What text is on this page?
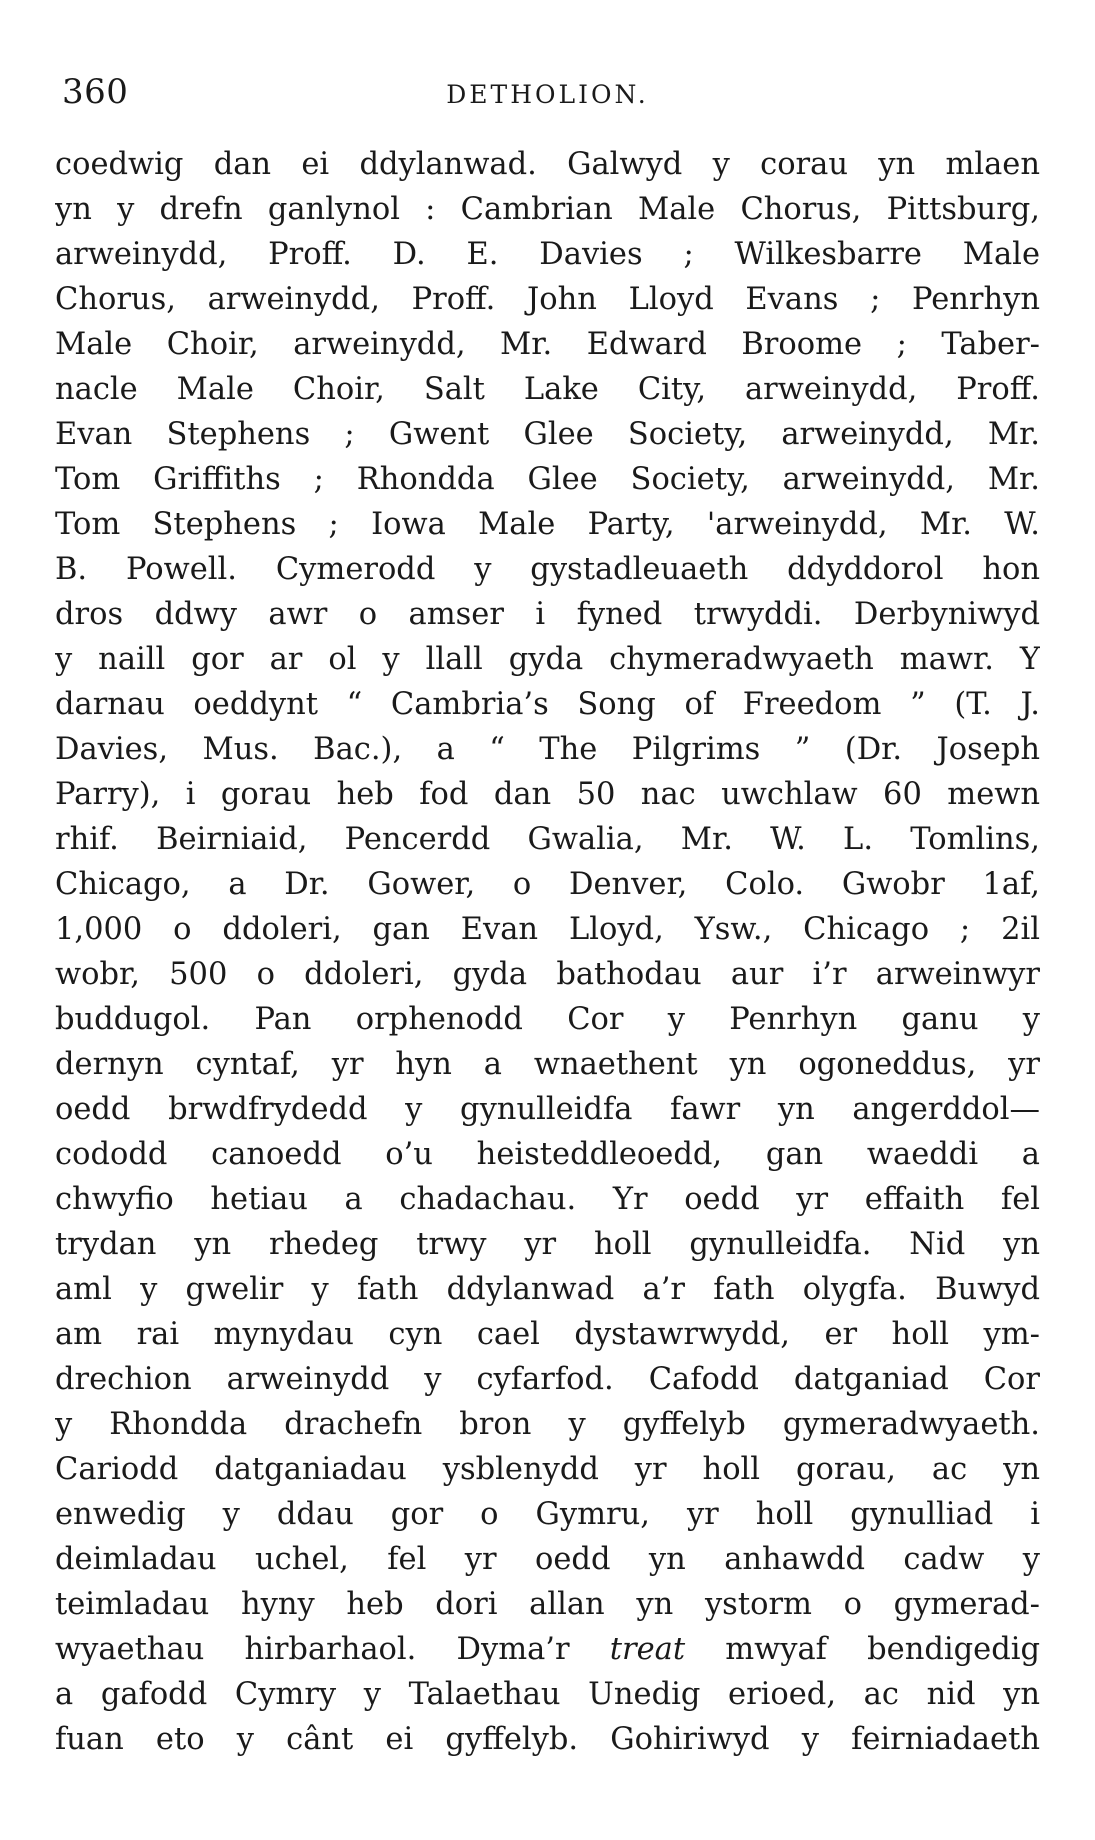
360	DETHOLION.
coedwig dan ei ddylanwad. Galwyd y corau yn mlaen
yn y drefn ganlynol : Cambrian Male Chorus, Pittsburg,
arweinydd, Proff. D. E. Davies ; Wilkesbarre Male
Chorus, arweinydd, Proff. John Lloyd Evans ; Penrhyn
Male Choir, arweinydd, Mr. Edward Broome ; Taber-
nacle Male Choir, Salt Lake City, arweinydd, Proff.
Evan Stephens ; Gwent Glee Society, arweinydd, Mr.
Tom Griffiths ; Rhondda Glee Society, arweinydd, Mr.
Tom Stephens ; Iowa Male Party, 'arweinydd, Mr. W.
B. Powell. Cymerodd y gystadleuaeth ddyddorol hon
dros ddwy awr o amser i fyned trwyddi. Derbyniwyd
y naill gor ar ol y llall gyda chymeradwyaeth mawr. Y
darnau oeddynt “ Cambria’s Song of Freedom ” (T. J.
Davies, Mus. Bac.), a “ The Pilgrims ” (Dr. Joseph
Parry), i gorau heb fod dan 50 nac uwchlaw 60 mewn
rhif. Beirniaid, Pencerdd Gwalia, Mr. W. L. Tomlins,
Chicago, a Dr. Gower, o Denver, Colo. Gwobr 1af,
1,000 o ddoleri, gan Evan Lloyd, Ysw., Chicago ; 2il
wobr, 500 o ddoleri, gyda bathodau aur i’r arweinwyr
buddugol. Pan orphenodd Cor y Penrhyn ganu y
dernyn cyntaf, yr hyn a wnaethent yn ogoneddus, yr
oedd brwdfrydedd y gynulleidfa fawr yn angerddol—
cododd canoedd o’u heisteddleoedd, gan waeddi a
chwyfio hetiau a chadachau. Yr oedd yr effaith fel
trydan yn rhedeg trwy yr holl gynulleidfa. Nid yn
aml y gwelir y fath ddylanwad a’r fath olygfa. Buwyd
am rai mynydau cyn cael dystawrwydd, er holl ym-
drechion arweinydd y cyfarfod. Cafodd datganiad Cor
y Rhondda drachefn bron y gyffelyb gymeradwyaeth.
Cariodd datganiadau ysblenydd yr holl gorau, ac yn
enwedig y ddau gor o Gymru, yr holl gynulliad i
deimladau uchel, fel yr oedd yn anhawdd cadw y
teimladau hyny heb dori allan yn ystorm o gymerad-
wyaethau hirbarhaol. Dyma’r treat mwyaf bendigedig
a gafodd Cymry y Talaethau Unedig erioed, ac nid yn
fuan eto y cânt ei gyffelyb. Gohiriwyd y feirniadaeth
